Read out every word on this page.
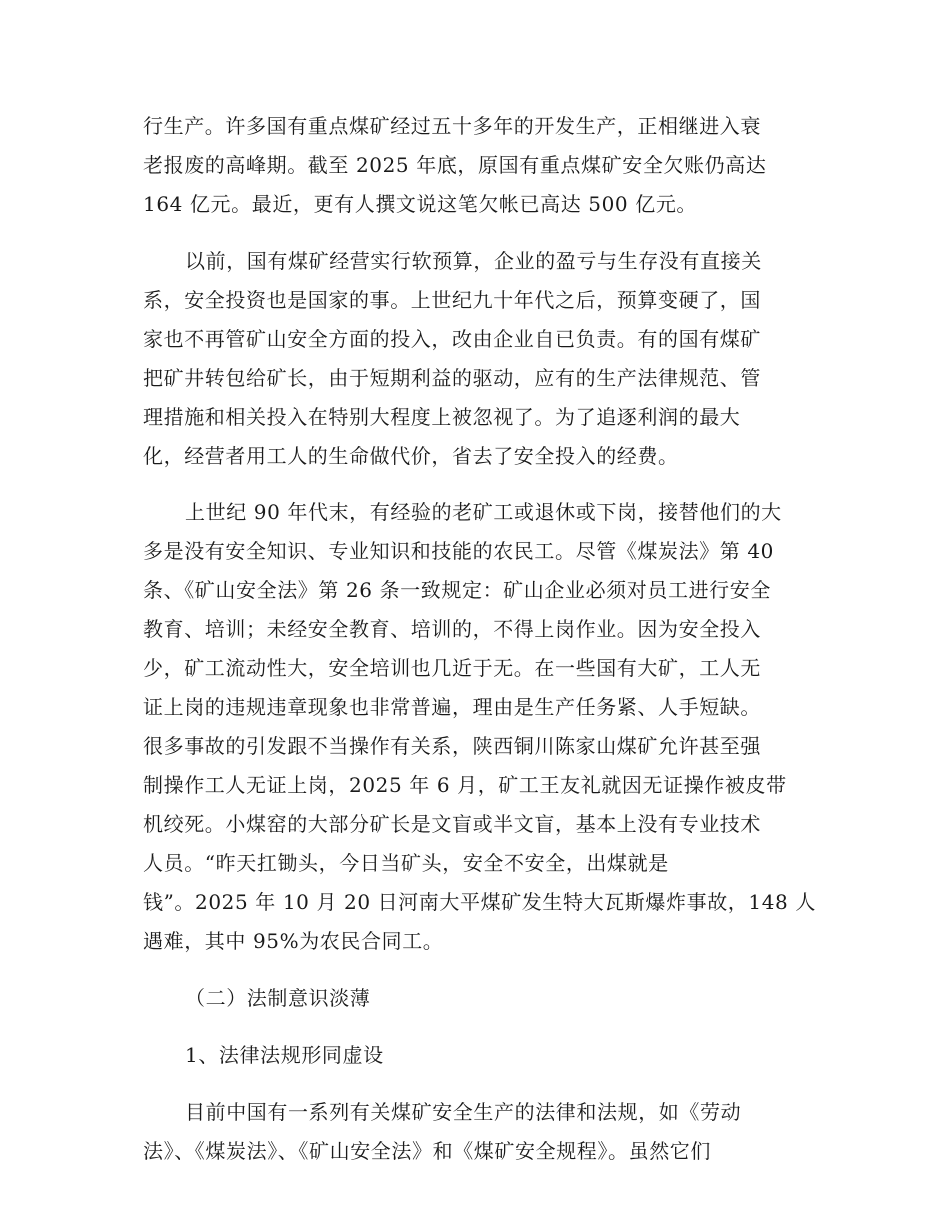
行生产。许多国有重点煤矿经过五十多年的开发生产，正相继进入衰
老报废的高峰期。截至 2025 年底，原国有重点煤矿安全欠账仍高达
164 亿元。最近，更有人撰文说这笔欠帐已高达 500 亿元。
以前，国有煤矿经营实行软预算，企业的盈亏与生存没有直接关
系，安全投资也是国家的事。上世纪九十年代之后，预算变硬了，国
家也不再管矿山安全方面的投入，改由企业自已负责。有的国有煤矿
把矿井转包给矿长，由于短期利益的驱动，应有的生产法律规范、管
理措施和相关投入在特别大程度上被忽视了。为了追逐利润的最大
化，经营者用工人的生命做代价，省去了安全投入的经费。
上世纪 90 年代末，有经验的老矿工或退休或下岗，接替他们的大
多是没有安全知识、专业知识和技能的农民工。尽管《煤炭法》第 40
条、《矿山安全法》第 26 条一致规定：矿山企业必须对员工进行安全
教育、培训；未经安全教育、培训的，不得上岗作业。因为安全投入
少，矿工流动性大，安全培训也几近于无。在一些国有大矿，工人无
证上岗的违规违章现象也非常普遍，理由是生产任务紧、人手短缺。
很多事故的引发跟不当操作有关系，陕西铜川陈家山煤矿允许甚至强
制操作工人无证上岗，2025 年 6 月，矿工王友礼就因无证操作被皮带
机绞死。小煤窑的大部分矿长是文盲或半文盲，基本上没有专业技术
人员。“昨天扛锄头，今日当矿头，安全不安全，出煤就是
钱”。2025 年 10 月 20 日河南大平煤矿发生特大瓦斯爆炸事故，148 人
遇难，其中 95%为农民合同工。
（二）法制意识淡薄
1、法律法规形同虚设
目前中国有一系列有关煤矿安全生产的法律和法规，如《劳动
法》、《煤炭法》、《矿山安全法》和《煤矿安全规程》。虽然它们
